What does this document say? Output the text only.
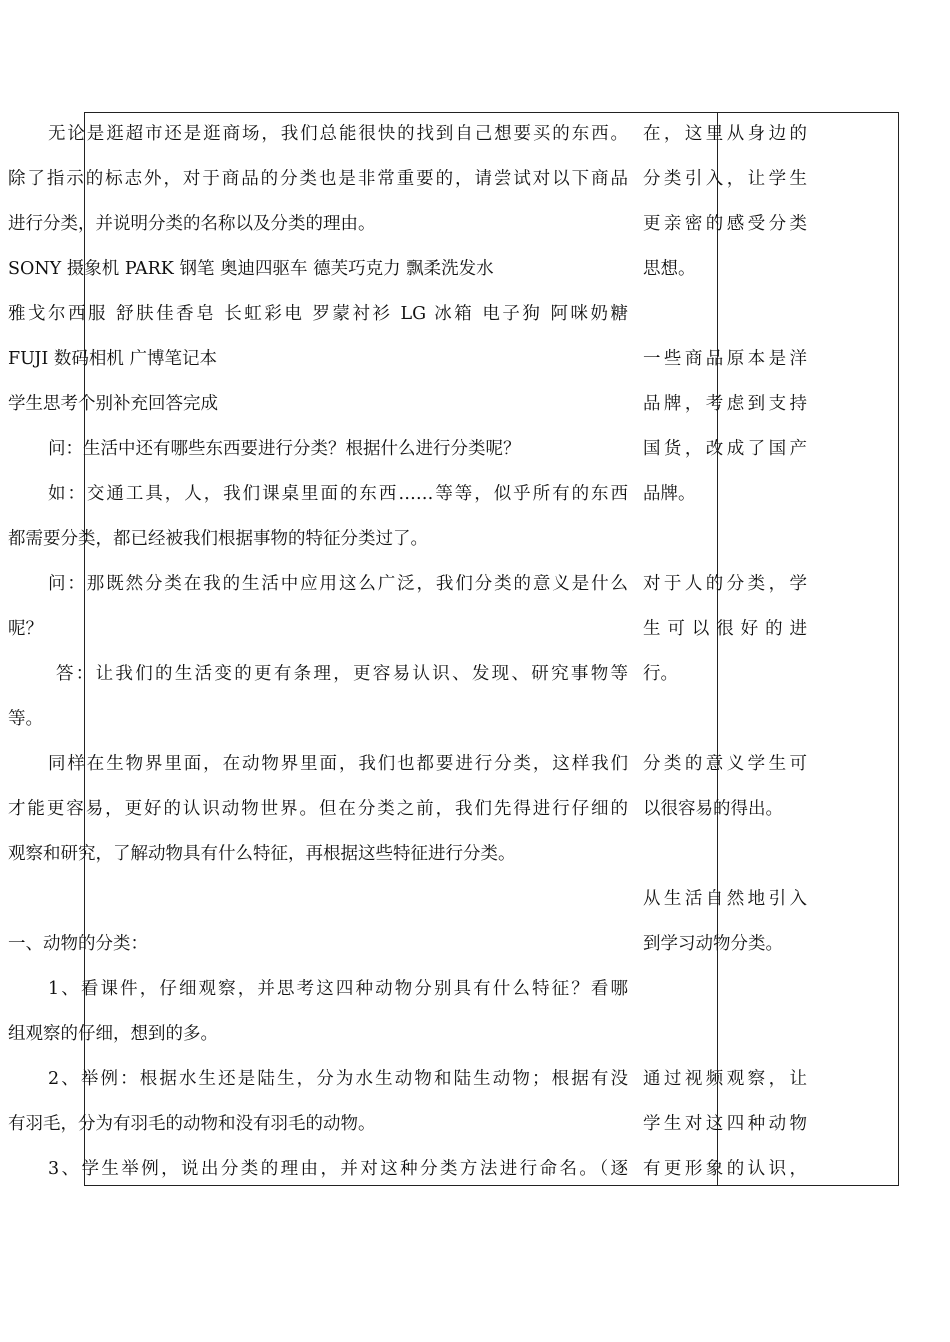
无论是逛超市还是逛商场，我们总能很快的找到自己想要买的东西。
除了指示的标志外，对于商品的分类也是非常重要的，请尝试对以下商品
进行分类，并说明分类的名称以及分类的理由。
SONY 摄象机 PARK 钢笔 奥迪四驱车 德芙巧克力 飘柔洗发水
雅戈尔西服 舒肤佳香皂 长虹彩电 罗蒙衬衫 LG 冰箱 电子狗 阿咪奶糖
FUJI 数码相机 广博笔记本
学生思考个别补充回答完成
问：生活中还有哪些东西要进行分类？根据什么进行分类呢？
如：交通工具，人，我们课桌里面的东西……等等，似乎所有的东西
都需要分类，都已经被我们根据事物的特征分类过了。
问：那既然分类在我的生活中应用这么广泛，我们分类的意义是什么
呢？
答：让我们的生活变的更有条理，更容易认识、发现、研究事物等
等。
同样在生物界里面，在动物界里面，我们也都要进行分类，这样我们
才能更容易，更好的认识动物世界。但在分类之前，我们先得进行仔细的
观察和研究，了解动物具有什么特征，再根据这些特征进行分类。
一、动物的分类：
1、看课件，仔细观察，并思考这四种动物分别具有什么特征？看哪
组观察的仔细，想到的多。
2、举例：根据水生还是陆生，分为水生动物和陆生动物；根据有没
有羽毛，分为有羽毛的动物和没有羽毛的动物。
3、学生举例，说出分类的理由，并对这种分类方法进行命名。（逐
在，这里从身边的
分类引入，让学生
更亲密的感受分类
思想。
一些商品原本是洋
品牌，考虑到支持
国货，改成了国产
品牌。
对于人的分类，学
生可以很好的进
行。
分类的意义学生可
以很容易的得出。
从生活自然地引入
到学习动物分类。
通过视频观察，让
学生对这四种动物
有更形象的认识，
